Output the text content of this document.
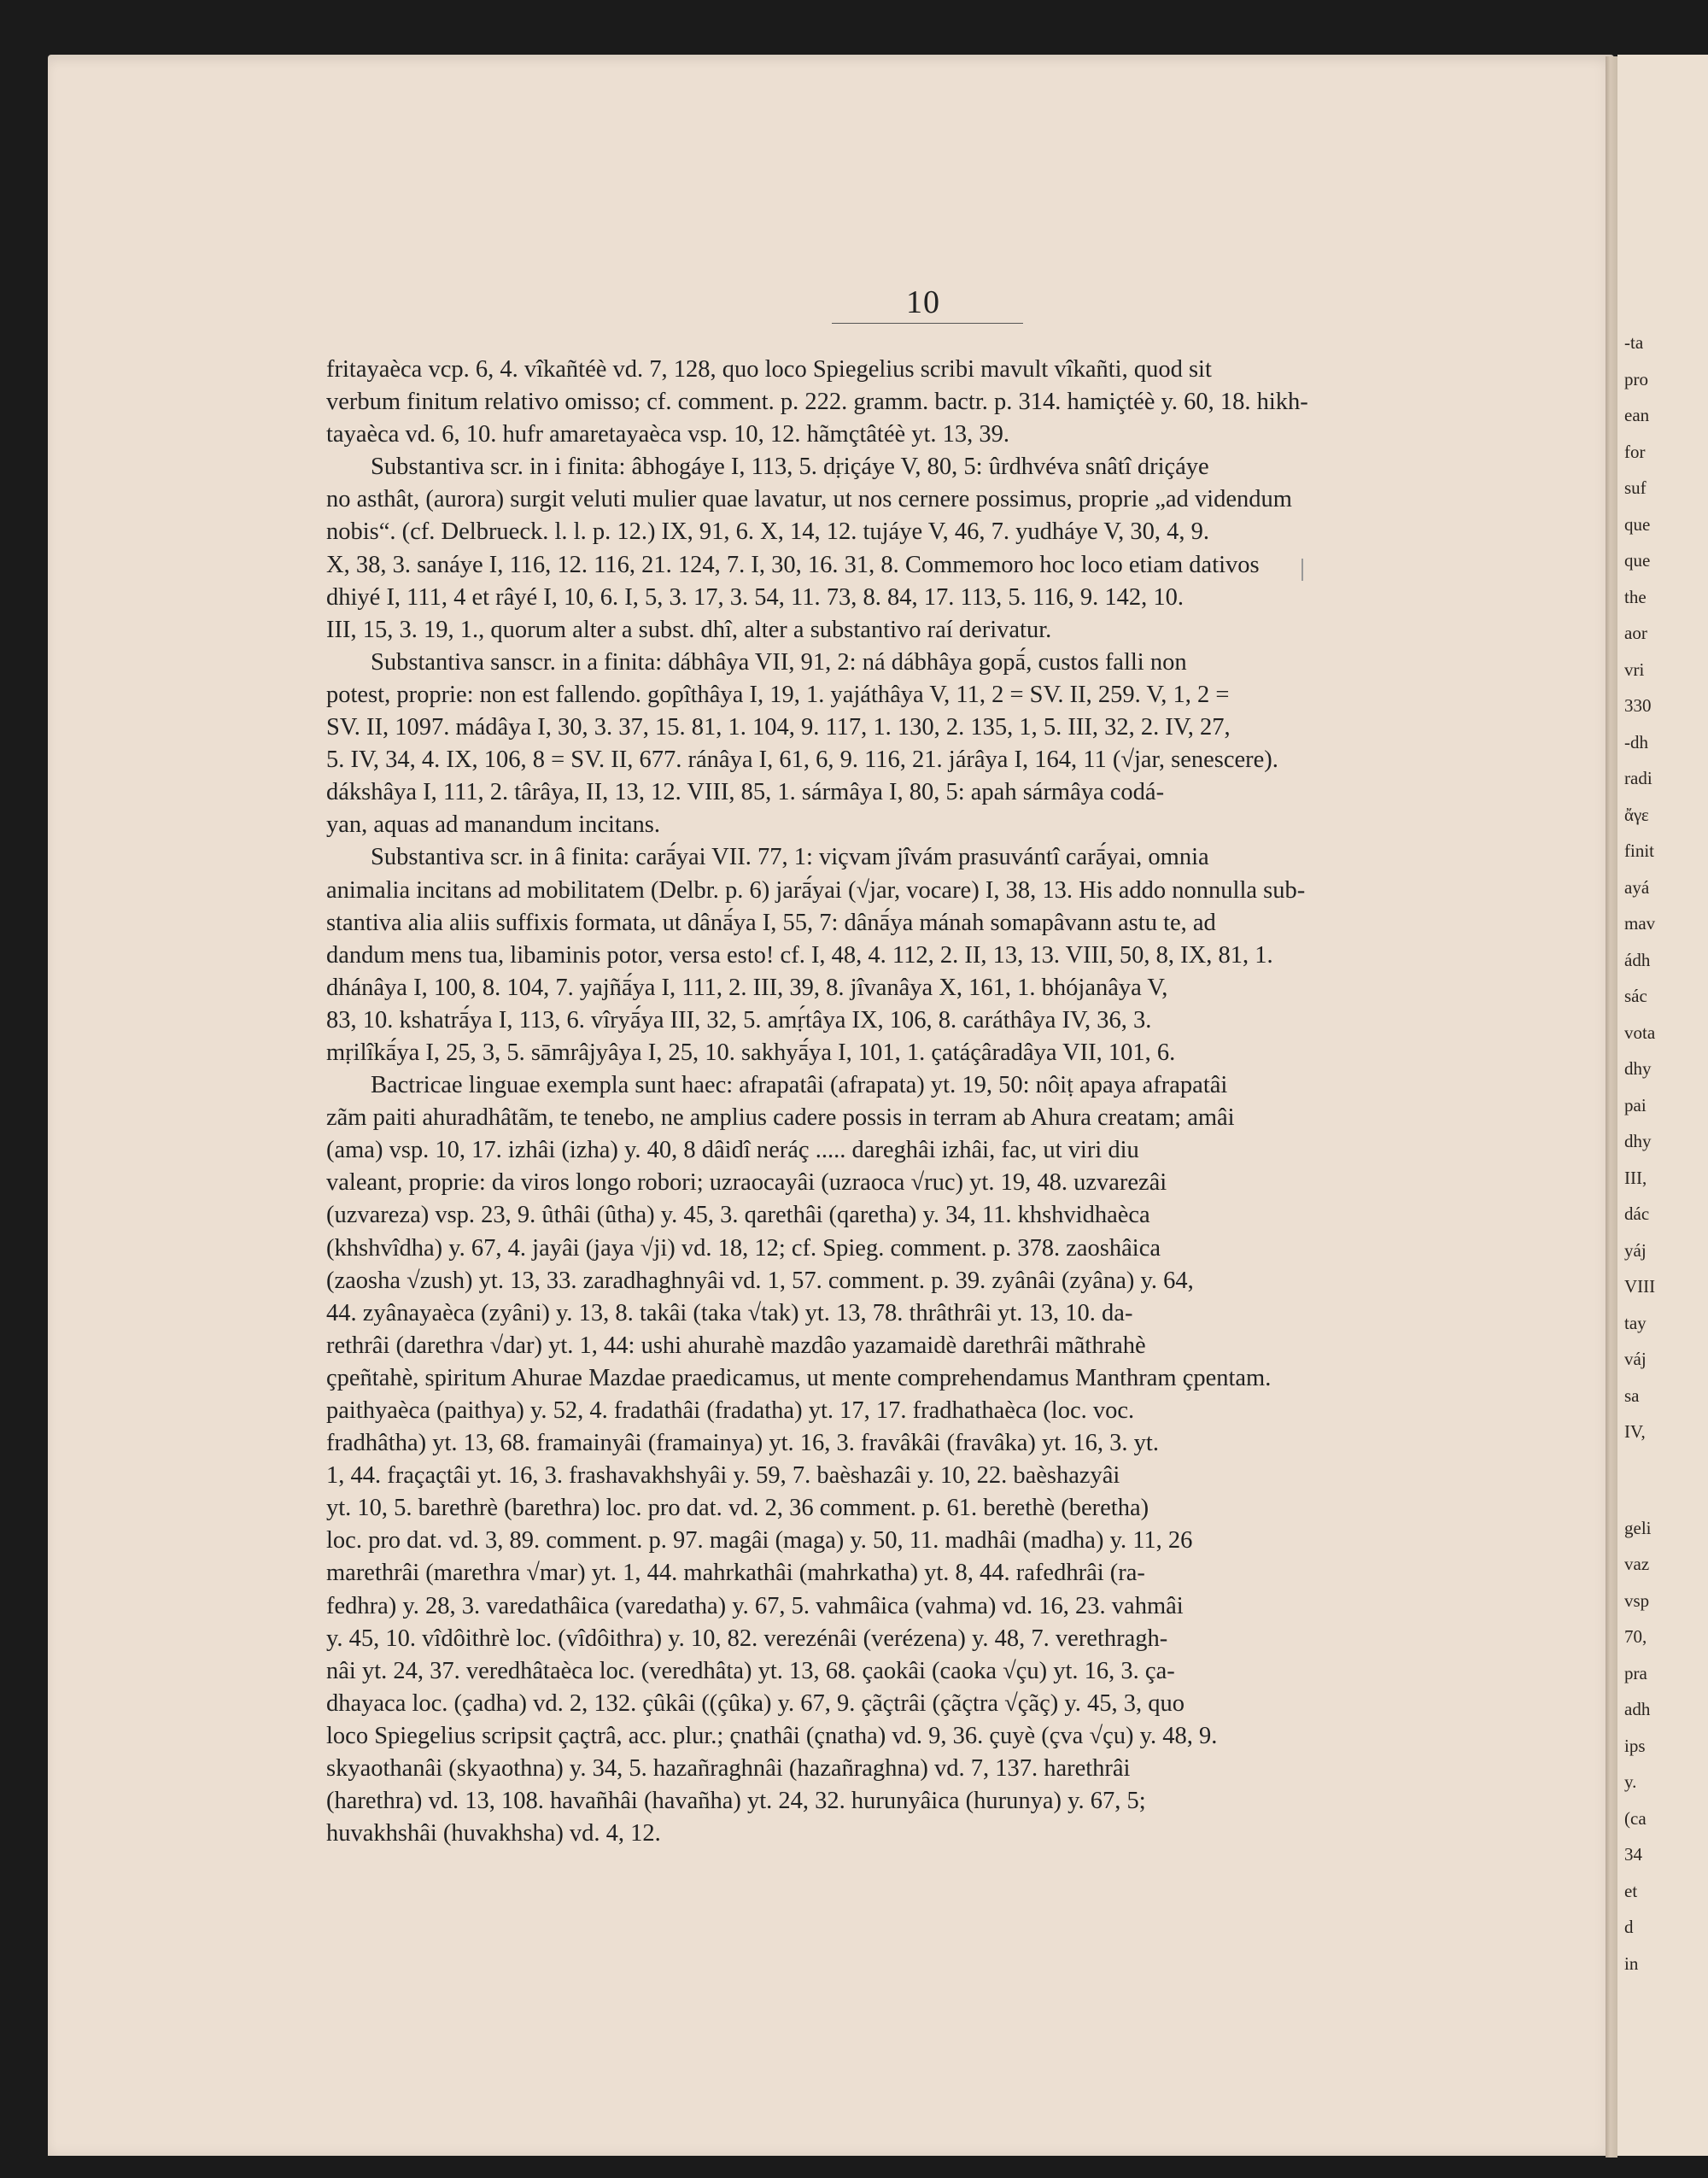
10

fritayaèca vcp. 6, 4. vîkañtéè vd. 7, 128, quo loco Spiegelius scribi mavult vîkañti, quod sit
verbum finitum relativo omisso; cf. comment. p. 222. gramm. bactr. p. 314. hamiçtéè y. 60, 18. hikh-
tayaèca vd. 6, 10. hufr amaretayaèca vsp. 10, 12. hãmçtâtéè yt. 13, 39.

Substantiva scr. in i finita: âbhogáye I, 113, 5. dṛiçáye V, 80, 5: ûrdhvéva snâtî driçáye
no asthât, (aurora) surgit veluti mulier quae lavatur, ut nos cernere possimus, proprie „ad videndum
nobis“. (cf. Delbrueck. l. l. p. 12.) IX, 91, 6. X, 14, 12. tujáye V, 46, 7. yudháye V, 30, 4, 9.
X, 38, 3. sanáye I, 116, 12. 116, 21. 124, 7. I, 30, 16. 31, 8. Commemoro hoc loco etiam dativos
dhiyé I, 111, 4 et râyé I, 10, 6. I, 5, 3. 17, 3. 54, 11. 73, 8. 84, 17. 113, 5. 116, 9. 142, 10.
III, 15, 3. 19, 1., quorum alter a subst. dhî, alter a substantivo raí derivatur.

Substantiva sanscr. in a finita: dábhâya VII, 91, 2: ná dábhâya gopā́, custos falli non
potest, proprie: non est fallendo. gopîthâya I, 19, 1. yajáthâya V, 11, 2 = SV. II, 259. V, 1, 2 =
SV. II, 1097. mádâya I, 30, 3. 37, 15. 81, 1. 104, 9. 117, 1. 130, 2. 135, 1, 5. III, 32, 2. IV, 27,
5. IV, 34, 4. IX, 106, 8 = SV. II, 677. ránâya I, 61, 6, 9. 116, 21. járâya I, 164, 11 (√jar, senescere).
dákshâya I, 111, 2. târâya, II, 13, 12. VIII, 85, 1. sármâya I, 80, 5: apah sármâya codá-
yan, aquas ad manandum incitans.

Substantiva scr. in â finita: carā́yai VII. 77, 1: viçvam jîvám prasuvántî carā́yai, omnia
animalia incitans ad mobilitatem (Delbr. p. 6) jarā́yai (√jar, vocare) I, 38, 13. His addo nonnulla sub-
stantiva alia aliis suffixis formata, ut dânā́ya I, 55, 7: dânā́ya mánah somapâvann astu te, ad
dandum mens tua, libaminis potor, versa esto! cf. I, 48, 4. 112, 2. II, 13, 13. VIII, 50, 8, IX, 81, 1.
dhánâya I, 100, 8. 104, 7. yajñā́ya I, 111, 2. III, 39, 8. jîvanâya X, 161, 1. bhójanâya V,
83, 10. kshatrā́ya I, 113, 6. vîryā́ya III, 32, 5. amṛ́tâya IX, 106, 8. caráthâya IV, 36, 3.
mṛilîkā́ya I, 25, 3, 5. sāmrâjyâya I, 25, 10. sakhyā́ya I, 101, 1. çatáçâradâya VII, 101, 6.

Bactricae linguae exempla sunt haec: afrapatâi (afrapata) yt. 19, 50: nôiṭ apaya afrapatâi
zãm paiti ahuradhâtãm, te tenebo, ne amplius cadere possis in terram ab Ahura creatam; amâi
(ama) vsp. 10, 17. izhâi (izha) y. 40, 8 dâidî neráç ..... dareghâi izhâi, fac, ut viri diu
valeant, proprie: da viros longo robori; uzraocayâi (uzraoca √ruc) yt. 19, 48. uzvarezâi
(uzvareza) vsp. 23, 9. ûthâi (ûtha) y. 45, 3. qarethâi (qaretha) y. 34, 11. khshvidhaèca
(khshvîdha) y. 67, 4. jayâi (jaya √ji) vd. 18, 12; cf. Spieg. comment. p. 378. zaoshâica
(zaosha √zush) yt. 13, 33. zaradhaghnyâi vd. 1, 57. comment. p. 39. zyânâi (zyâna) y. 64,
44. zyânayaèca (zyâni) y. 13, 8. takâi (taka √tak) yt. 13, 78. thrâthrâi yt. 13, 10. da-
rethrâi (darethra √dar) yt. 1, 44: ushi ahurahè mazdâo yazamaidè darethrâi mãthrahè
çpeñtahè, spiritum Ahurae Mazdae praedicamus, ut mente comprehendamus Manthram çpentam.
paithyaèca (paithya) y. 52, 4. fradathâi (fradatha) yt. 17, 17. fradhathaèca (loc. voc.
fradhâtha) yt. 13, 68. framainyâi (framainya) yt. 16, 3. fravâkâi (fravâka) yt. 16, 3. yt.
1, 44. fraçaçtâi yt. 16, 3. frashavakhshyâi y. 59, 7. baèshazâi y. 10, 22. baèshazyâi
yt. 10, 5. barethrè (barethra) loc. pro dat. vd. 2, 36 comment. p. 61. berethè (beretha)
loc. pro dat. vd. 3, 89. comment. p. 97. magâi (maga) y. 50, 11. madhâi (madha) y. 11, 26
marethrâi (marethra √mar) yt. 1, 44. mahrkathâi (mahrkatha) yt. 8, 44. rafedhrâi (ra-
fedhra) y. 28, 3. varedathâica (varedatha) y. 67, 5. vahmâica (vahma) vd. 16, 23. vahmâi
y. 45, 10. vîdôithrè loc. (vîdôithra) y. 10, 82. verezénâi (verézena) y. 48, 7. verethragh-
nâi yt. 24, 37. veredhâtaèca loc. (veredhâta) yt. 13, 68. çaokâi (caoka √çu) yt. 16, 3. ça-
dhayaca loc. (çadha) vd. 2, 132. çûkâi ((çûka) y. 67, 9. çãçtrâi (çãçtra √çãç) y. 45, 3, quo
loco Spiegelius scripsit çaçtrâ, acc. plur.; çnathâi (çnatha) vd. 9, 36. çuyè (çva √çu) y. 48, 9.
skyaothanâi (skyaothna) y. 34, 5. hazañraghnâi (hazañraghna) vd. 7, 137. harethrâi
(harethra) vd. 13, 108. havañhâi (havañha) yt. 24, 32. hurunyâica (hurunya) y. 67, 5;
huvakhshâi (huvakhsha) vd. 4, 12.

-ta
pro
ean
for
suf
que
que
the
aor
vri
330
-dh
radi
ἄγε
finit
ayá
mav
ádh
sác
vota
dhy
pai
dhy
III,
dác
yáj
VIII
tay
váj
sa
IV,
geli
vaz
vsp
70,
pra
adh
ips
y.
(ca
34
et
d
in
